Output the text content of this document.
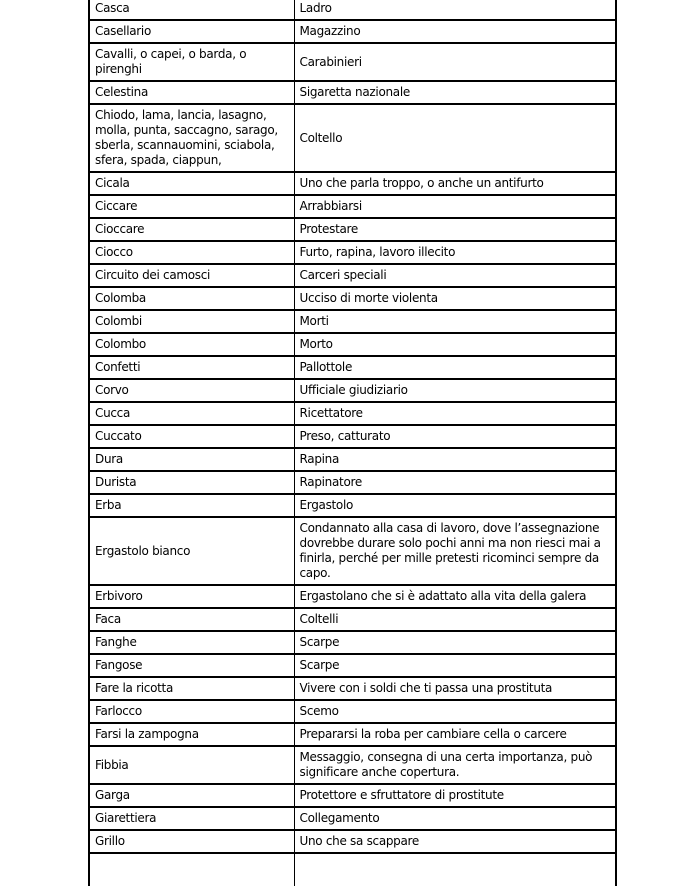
Casca	Ladro
Casellario	Magazzino
Cavalli, o capei, o barda, o pirenghi	Carabinieri
Celestina	Sigaretta nazionale
Chiodo, lama, lancia, lasagno, molla, punta, saccagno, sarago, sberla, scannauomini, sciabola, sfera, spada, ciappun,	Coltello
Cicala	Uno che parla troppo, o anche un antifurto
Ciccare	Arrabbiarsi
Cioccare	Protestare
Ciocco	Furto, rapina, lavoro illecito
Circuito dei camosci	Carceri speciali
Colomba	Ucciso di morte violenta
Colombi	Morti
Colombo	Morto
Confetti	Pallottole
Corvo	Ufficiale giudiziario
Cucca	Ricettatore
Cuccato	Preso, catturato
Dura	Rapina
Durista	Rapinatore
Erba	Ergastolo
Ergastolo bianco	Condannato alla casa di lavoro, dove l’assegnazione dovrebbe durare solo pochi anni ma non riesci mai a finirla, perché per mille pretesti ricominci sempre da capo.
Erbivoro	Ergastolano che si è adattato alla vita della galera
Faca	Coltelli
Fanghe	Scarpe
Fangose	Scarpe
Fare la ricotta	Vivere con i soldi che ti passa una prostituta
Farlocco	Scemo
Farsi la zampogna	Prepararsi la roba per cambiare cella o carcere
Fibbia	Messaggio, consegna di una certa importanza, può significare anche copertura.
Garga	Protettore e sfruttatore di prostitute
Giarettiera	Collegamento
Grillo	Uno che sa scappare
